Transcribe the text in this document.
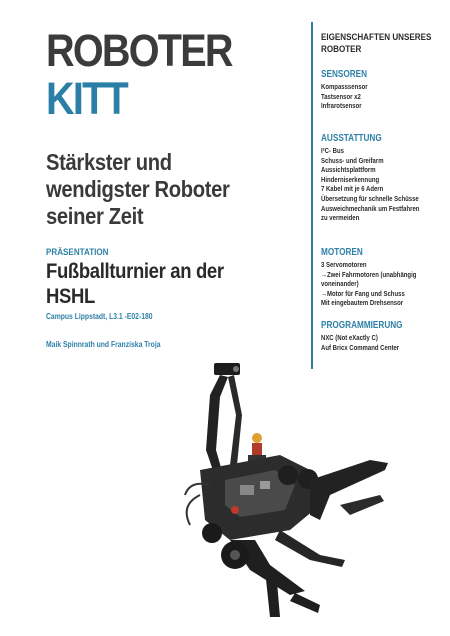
ROBOTER
KITT
Stärkster und wendigster Roboter seiner Zeit
PRÄSENTATION
Fußballturnier an der HSHL
Campus Lippstadt, L3.1 -E02-180
Maik Spinnrath und Franziska Troja
EIGENSCHAFTEN UNSERES ROBOTER
SENSOREN
Kompasssensor
Tastsensor x2
Infrarotsensor
AUSSTATTUNG
I²C- Bus
Schuss- und Greifarm
Aussichtsplattform
Hinderniserkennung
7 Kabel mit je 6 Adern
Übersetzung für schnelle Schüsse
Ausweichmechanik um Festfahren
zu vermeiden
MOTOREN
3 Servomotoren
→Zwei Fahrmotoren (unabhängig
voneinander)
→Motor für Fang und Schuss
Mit eingebautem Drehsensor
PROGRAMMIERUNG
NXC (Not eXactly C)
Auf Bricx Command Center
